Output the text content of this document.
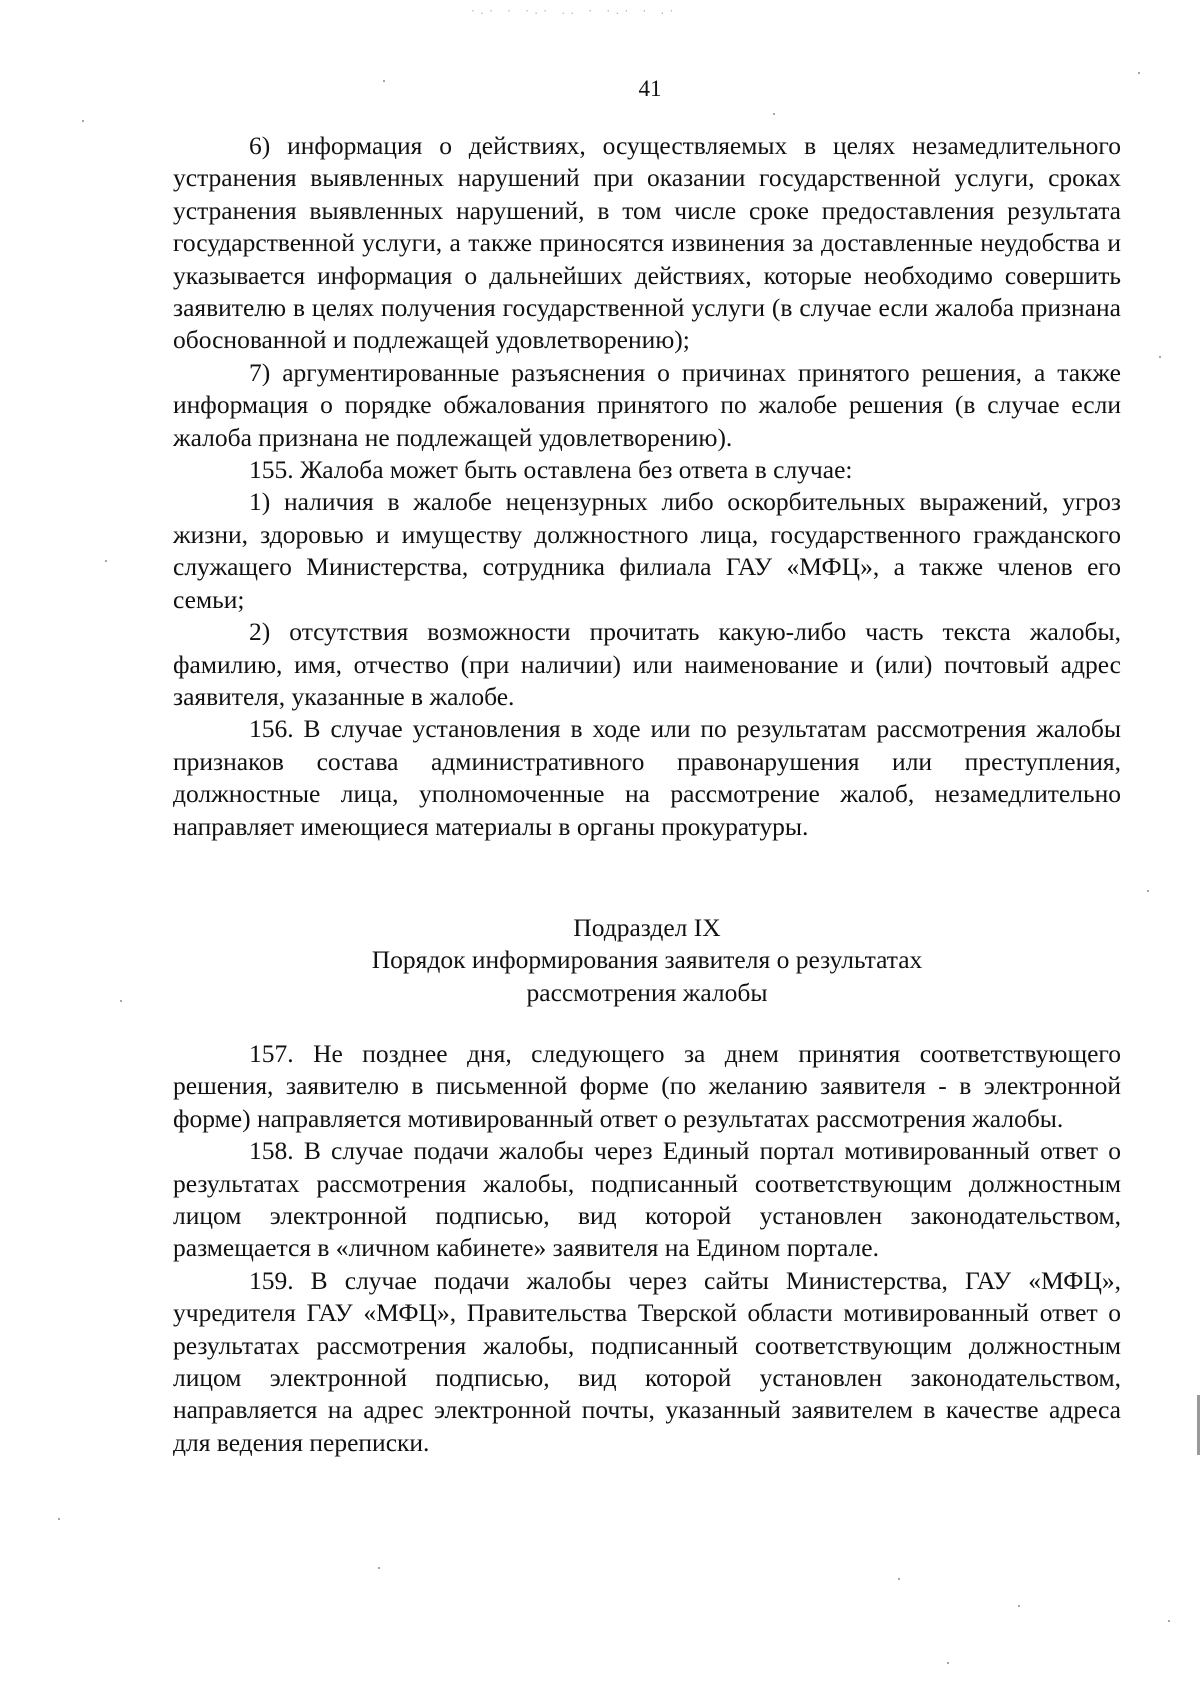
·.· · ·.· .. · ·.· · .·
41

6) информация о действиях, осуществляемых в целях незамедлительного устранения выявленных нарушений при оказании государственной услуги, сроках устранения выявленных нарушений, в том числе сроке предоставления результата государственной услуги, а также приносятся извинения за доставленные неудобства и указывается информация о дальнейших действиях, которые необходимо совершить заявителю в целях получения государственной услуги (в случае если жалоба признана обоснованной и подлежащей удовлетворению);

7) аргументированные разъяснения о причинах принятого решения, а также информация о порядке обжалования принятого по жалобе решения (в случае если жалоба признана не подлежащей удовлетворению).

155. Жалоба может быть оставлена без ответа в случае:

1) наличия в жалобе нецензурных либо оскорбительных выражений, угроз жизни, здоровью и имуществу должностного лица, государственного гражданского служащего Министерства, сотрудника филиала ГАУ «МФЦ», а также членов его семьи;

2) отсутствия возможности прочитать какую-либо часть текста жалобы, фамилию, имя, отчество (при наличии) или наименование и (или) почтовый адрес заявителя, указанные в жалобе.

156. В случае установления в ходе или по результатам рассмотрения жалобы признаков состава административного правонарушения или преступления, должностные лица, уполномоченные на рассмотрение жалоб, незамедлительно направляет имеющиеся материалы в органы прокуратуры.

Подраздел IX
Порядок информирования заявителя о результатах
рассмотрения жалобы

157. Не позднее дня, следующего за днем принятия соответствующего решения, заявителю в письменной форме (по желанию заявителя - в электронной форме) направляется мотивированный ответ о результатах рассмотрения жалобы.

158. В случае подачи жалобы через Единый портал мотивированный ответ о результатах рассмотрения жалобы, подписанный соответствующим должностным лицом электронной подписью, вид которой установлен законодательством, размещается в «личном кабинете» заявителя на Едином портале.

159. В случае подачи жалобы через сайты Министерства, ГАУ «МФЦ», учредителя ГАУ «МФЦ», Правительства Тверской области мотивированный ответ о результатах рассмотрения жалобы, подписанный соответствующим должностным лицом электронной подписью, вид которой установлен законодательством, направляется на адрес электронной почты, указанный заявителем в качестве адреса для ведения переписки.
